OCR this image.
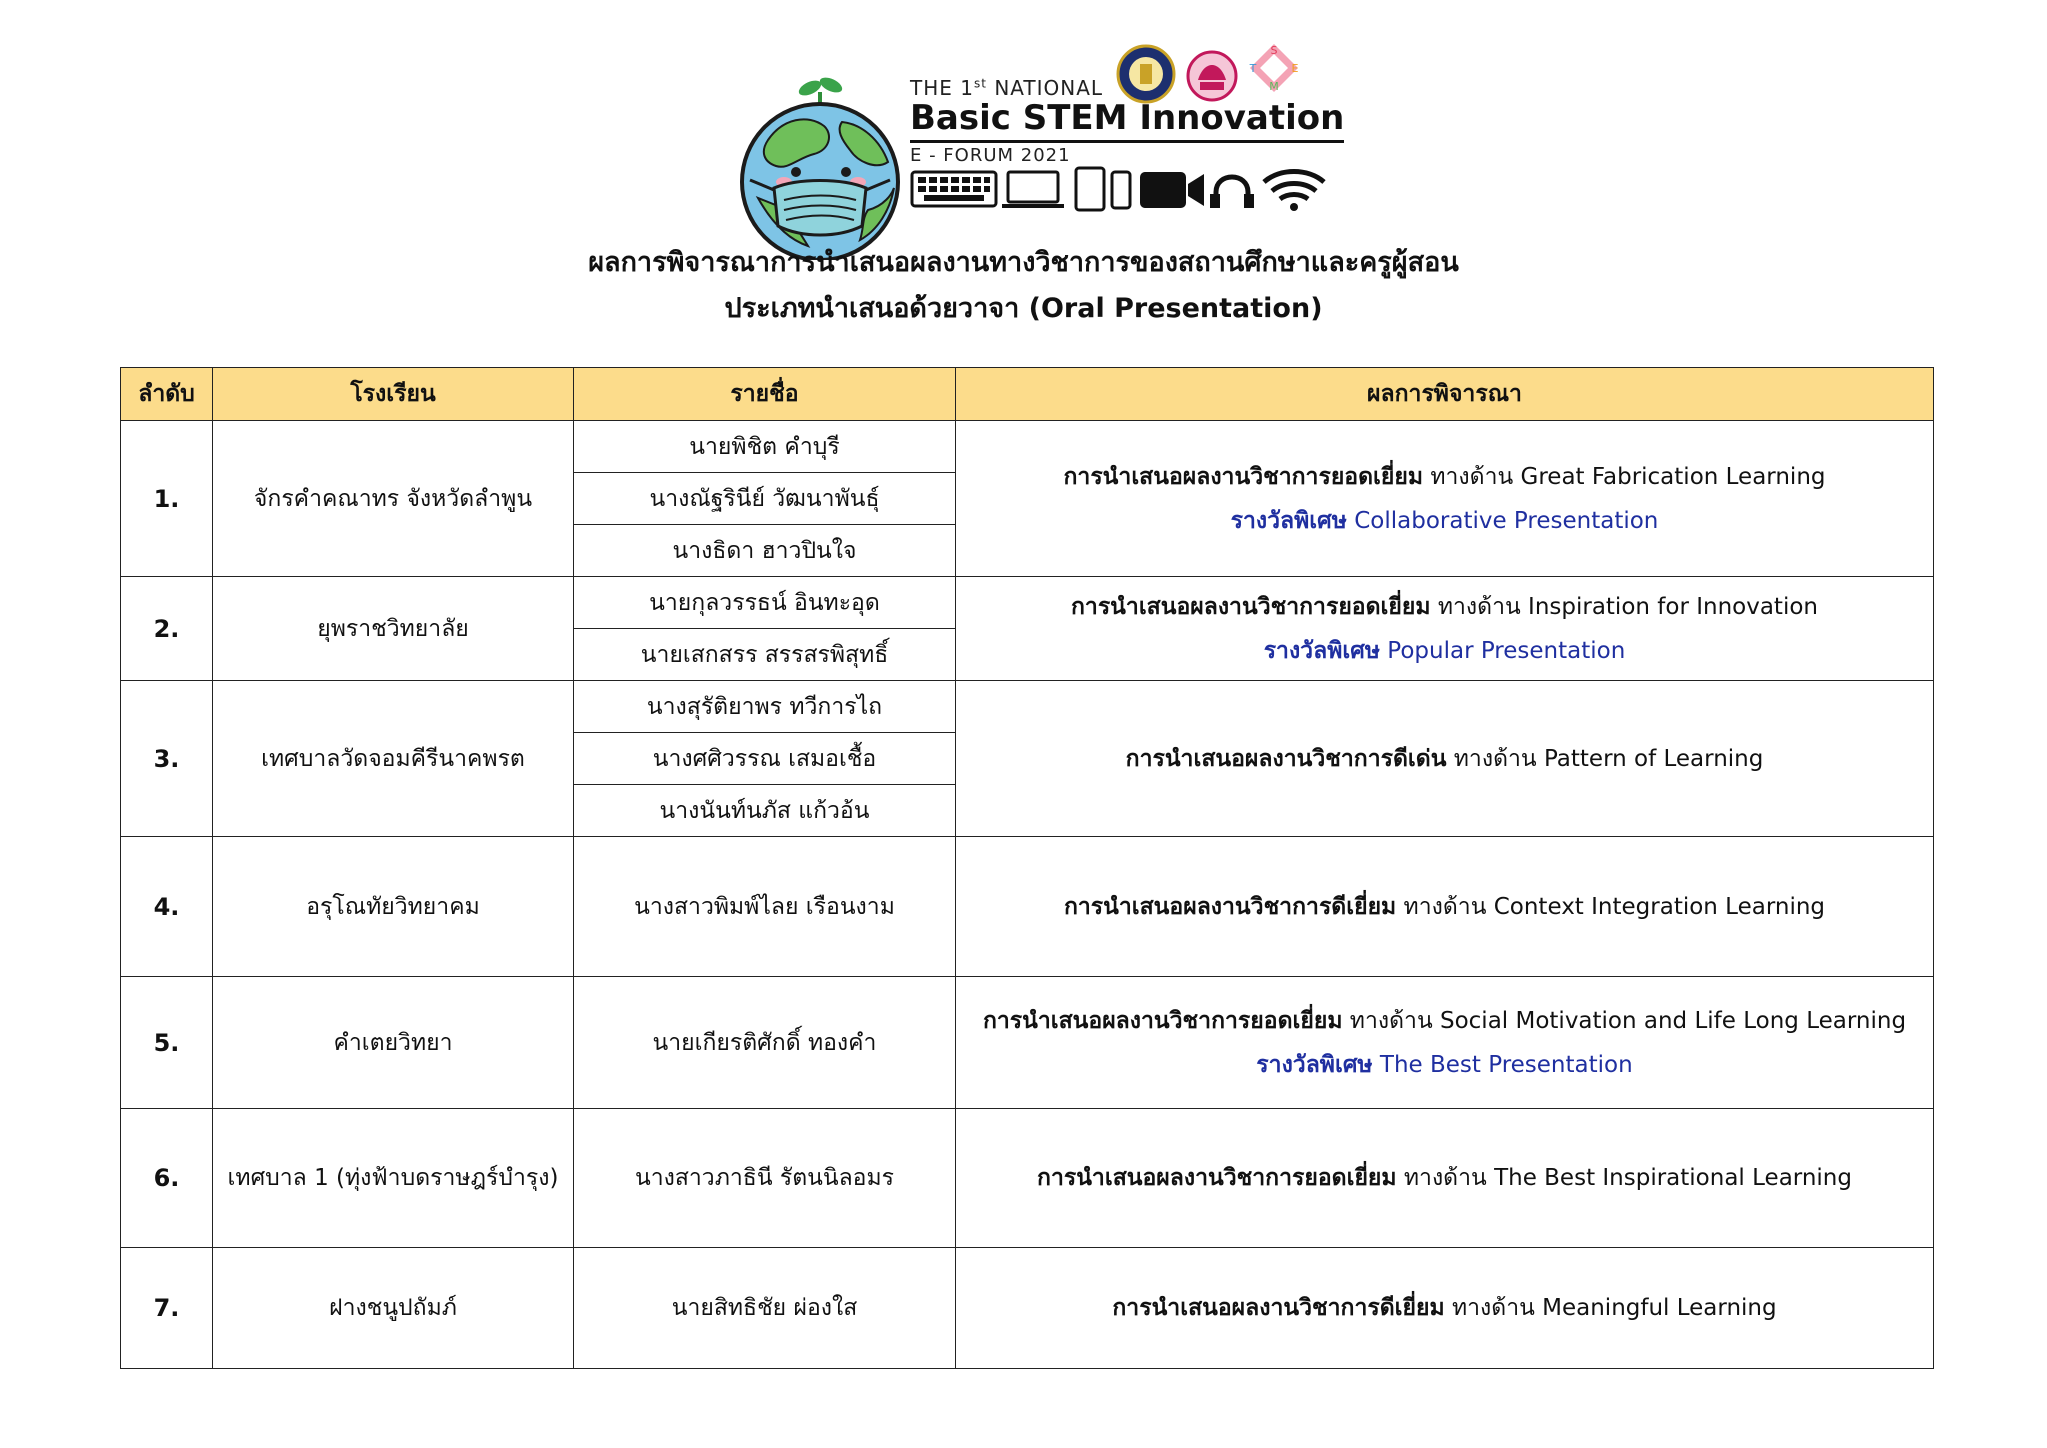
S
T	E
M
THE 1st NATIONAL
Basic STEM Innovation
E - FORUM 2021
ผลการพิจารณาการนำเสนอผลงานทางวิชาการของสถานศึกษาและครูผู้สอน
ประเภทนำเสนอด้วยวาจา (Oral Presentation)
ลำดับ	โรงเรียน	รายชื่อ	ผลการพิจารณา
1.	จักรคำคณาทร จังหวัดลำพูน	นายพิชิต คำบุรี	การนำเสนอผลงานวิชาการยอดเยี่ยม ทางด้าน Great Fabrication Learning
รางวัลพิเศษ Collaborative Presentation

		นางณัฐรินีย์ วัฒนาพันธุ์	
		นางธิดา ฮาวปินใจ	
2.	ยุพราชวิทยาลัย	นายกุลวรรธน์ อินทะอุด	การนำเสนอผลงานวิชาการยอดเยี่ยม ทางด้าน Inspiration for Innovation
รางวัลพิเศษ Popular Presentation

		นายเสกสรร สรรสรพิสุทธิ์	
3.	เทศบาลวัดจอมคีรีนาคพรต	นางสุรัติยาพร ทวีการไถ	การนำเสนอผลงานวิชาการดีเด่น ทางด้าน Pattern of Learning

		นางศศิวรรณ เสมอเชื้อ	
		นางนันท์นภัส แก้วอ้น	
4.	อรุโณทัยวิทยาคม	นางสาวพิมพ์ไลย เรือนงาม	การนำเสนอผลงานวิชาการดีเยี่ยม ทางด้าน Context Integration Learning

5.	คำเตยวิทยา	นายเกียรติศักดิ์ ทองคำ	การนำเสนอผลงานวิชาการยอดเยี่ยม ทางด้าน Social Motivation and Life Long Learning
รางวัลพิเศษ The Best Presentation

6.	เทศบาล 1 (ทุ่งฟ้าบดราษฎร์บำรุง)	นางสาวภาธินี รัตนนิลอมร	การนำเสนอผลงานวิชาการยอดเยี่ยม ทางด้าน The Best Inspirational Learning

7.	ฝางชนูปถัมภ์	นายสิทธิชัย ผ่องใส	การนำเสนอผลงานวิชาการดีเยี่ยม ทางด้าน Meaningful Learning
